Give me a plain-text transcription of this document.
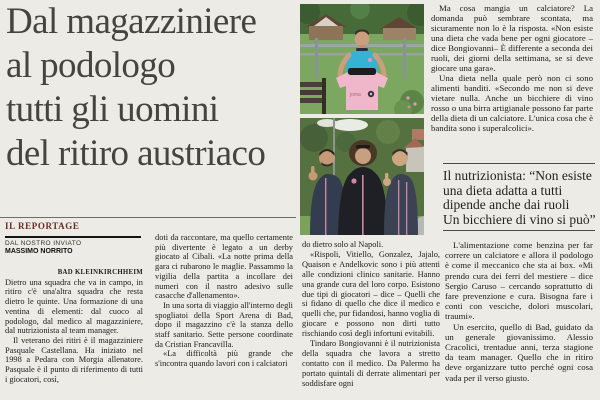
Dal magazziniere
al podologo
tutti gli uomini
del ritiro austriaco
IL REPORTAGE
DAL NOSTRO INVIATO
MASSIMO NORRITO

BAD KLEINKIRCHHEIM

Dietro una squadra che va in campo, in ritiro c'è una'altra squadra che resta dietro le quinte. Una formazione di una ventina di elementi: dal cuoco al podologo, dal medico al magazziniere, dal nutrizionista al team manager.

Il veterano dei ritiri è il magazziniere Pasquale Castellana. Ha iniziato nel 1998 a Pedara con Morgia allenatore. Pasquale è il punto di riferimento di tutti i giocatori, così,

doti da raccontare, ma quello certamente più divertente è legato a un derby giocato al Cibali. «La notte prima della gara ci rubarono le maglie. Passammo la vigilia della partita a incollare dei numeri con il nastro adesivo sulle casacche d'allenamento».

In una sorta di viaggio all'interno degli spogliatoi della Sport Arena di Bad, dopo il magazzino c'è la stanza dello staff sanitario. Sette persone coordinate da Cristian Francavilla.

«La difficoltà più grande che s'incontra quando lavori con i calciatori

joma

do dietro solo al Napoli.

«Rispoli, Vitiello, Gonzalez, Jajalo, Quaison e Andelkovic sono i più attenti alle condizioni clinico sanitarie. Hanno una grande cura del loro corpo. Esistono due tipi di giocatori – dice – Quelli che si fidano di quello che dice il medico e quelli che, pur fidandosi, hanno voglia di giocare e possono non dirti tutto rischiando così degli infortuni evitabili.

Tindaro Bongiovanni è il nutrizionista della squadra che lavora a stretto contatto con il medico. Da Palermo ha portato quintali di derrate alimentari per soddisfare ogni

Ma cosa mangia un calciatore? La domanda può sembrare scontata, ma sicuramente non lo è la risposta. «Non esiste una dieta che vada bene per ogni giocatore – dice Bongiovanni– È differente a seconda dei ruoli, dei giorni della settimana, se si deve giocare una gara».

Una dieta nella quale però non ci sono alimenti banditi. «Secondo me non si deve vietare nulla. Anche un bicchiere di vino rosso o una birra artigianale possono far parte della dieta di un calciatore. L'unica cosa che è bandita sono i superalcolici».

Il nutrizionista: “Non esiste
una dieta adatta a tutti
dipende anche dai ruoli
Un bicchiere di vino si può”

L'alimentazione come benzina per far correre un calciatore e allora il podologo è come il meccanico che sta ai box. «Mi prendo cura dei ferri del mestiere – dice Sergio Caruso – cercando soprattutto di fare prevenzione e cura. Bisogna fare i conti con vesciche, dolori muscolari, traumi».

Un esercito, quello di Bad, guidato da un generale giovanissimo. Alessio Cracolici, trentadue anni, terza stagione da team manager. Quello che in ritiro deve organizzare tutto perché ogni cosa vada per il verso giusto.
